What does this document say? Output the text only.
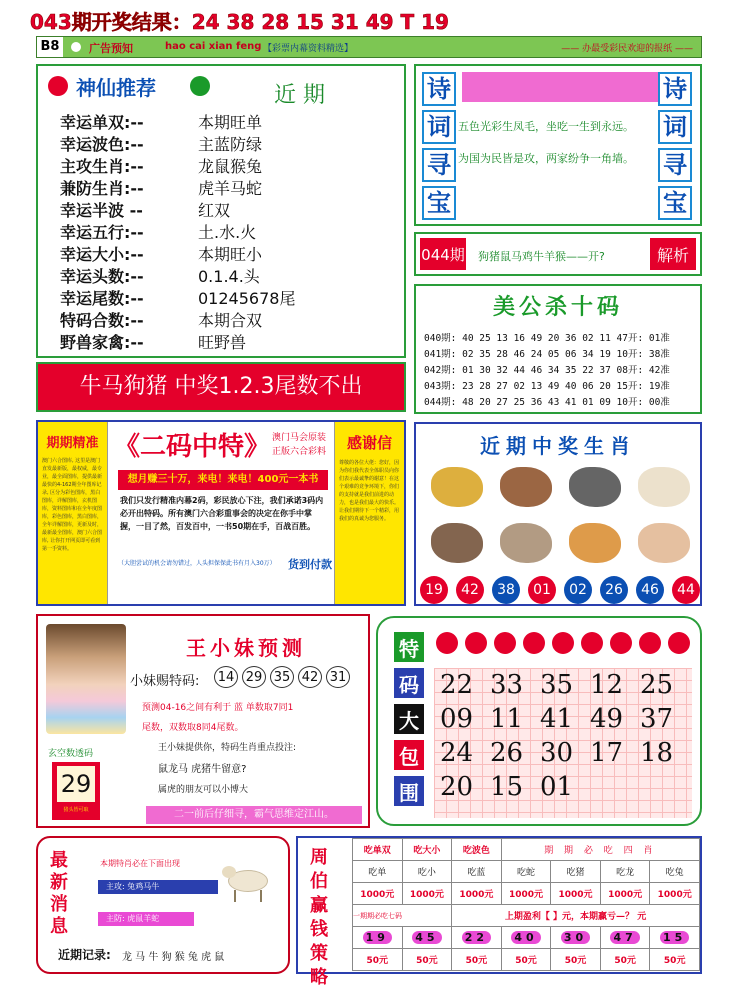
043期开奖结果：24 38 28 15 31 49 T 19
B8	广告预知	hao cai xian feng 【彩票内幕资料精选】	—— 办最受彩民欢迎的报纸 ——
神仙推荐	近 期
幸运单双:--	本期旺单
幸运波色:--	主蓝防绿
主攻生肖:--	龙鼠猴兔
兼防生肖:--	虎羊马蛇
幸运半波 --	红双
幸运五行:--	土.水.火
幸运大小:--	本期旺小
幸运头数:--	0.1.4.头
幸运尾数:--	01245678尾
特码合数:--	本期合双
野兽家禽:--	旺野兽
诗
词
寻
宝
五色光彩生凤毛，坐吃一生到永远。
为国为民皆是攻，两家纷争一角墙。
诗
词
寻
宝
044期 狗猪鼠马鸡牛羊猴——开?	解析
牛马狗猪 中奖1.2.3尾数不出
美公杀十码
040期: 40 25 13 16 49 20 36 02 11 47开: 01准
041期: 02 35 28 46 24 05 06 34 19 10开: 38准
042期: 01 30 32 44 46 34 35 22 37 08开: 42准
043期: 23 28 27 02 13 49 40 06 20 15开: 19准
044期: 48 20 27 25 36 43 41 01 09 10开: 00准
期期精准
澳门六合图库, 这里是澳门直发最新版，最权威，最专业，最全面图库，提供最新最快的4-162期全年图库记录, 区分为彩色图库，黑白图库，详解图库，玄机图库，资料图库和在全年度图库，彩色图库，黑白图库，全年详解图库，更新及时，最新最全图库，澳门六合图库, 让你打开网页即可看到第一手资料。
《二码中特》 澳门马会原装
正版六合彩料
想月赚三十万，来电！来电！400元一本书
我们只发行精准内幕2码，彩民放心下注，我们承诺3码内必开出特码。所有澳门六合彩重事会的决定在你手中掌握，一目了然，百发百中，一书50期在手，百战百胜。
（大胆尝试的机会请勿错过，人头担保保此书有月入30万）	货到付款
感谢信
尊敬的各位大佬：您好，因为你们我代表全体职员向你们表示最诚挚的谢意！在这个艰难的竞争环境下，你们的支持就是我们前进的动力，也是我们最大的快乐。让我们期待下一个精彩，用我们的真诚为您服务。
近期中奖生肖
19	42	38	01	02	26	46	44
王小妹预测
小妹赐特码: 14 29 35 42 31
预测04-16之间有利于 蓝 单数取7同1
尾数，双数取8同4尾数。
王小妹提供你，特码生肖重点投注:
鼠龙马 虎猪牛留意?
属虎的朋友可以小博大
玄空数透码
29
猪头皆可取	二一前后仔细寻，霸气思维定江山。
特
码
大
包
围
22 33 35 12 25
09 11 41 49 37
24 26 30 17 18
20 15 01
最新消息
本期特肖必在下面出现
主攻: 兔鸡马牛
主防: 虎鼠羊蛇
近期记录: 龙 马 牛 狗 猴 兔 虎 鼠
周伯赢钱策略
吃单双	吃大小	吃波色	期 期 必 吃 四 肖			
吃单	吃小	吃蓝	吃蛇	吃猪	吃龙	吃兔
1000元	1000元	1000元	1000元	1000元	1000元	1000元
一期期必吃七码		上期盈利【 】元，本期赢亏—？ 元				
19	45	22	40	30	47	15
50元	50元	50元	50元	50元	50元	50元
